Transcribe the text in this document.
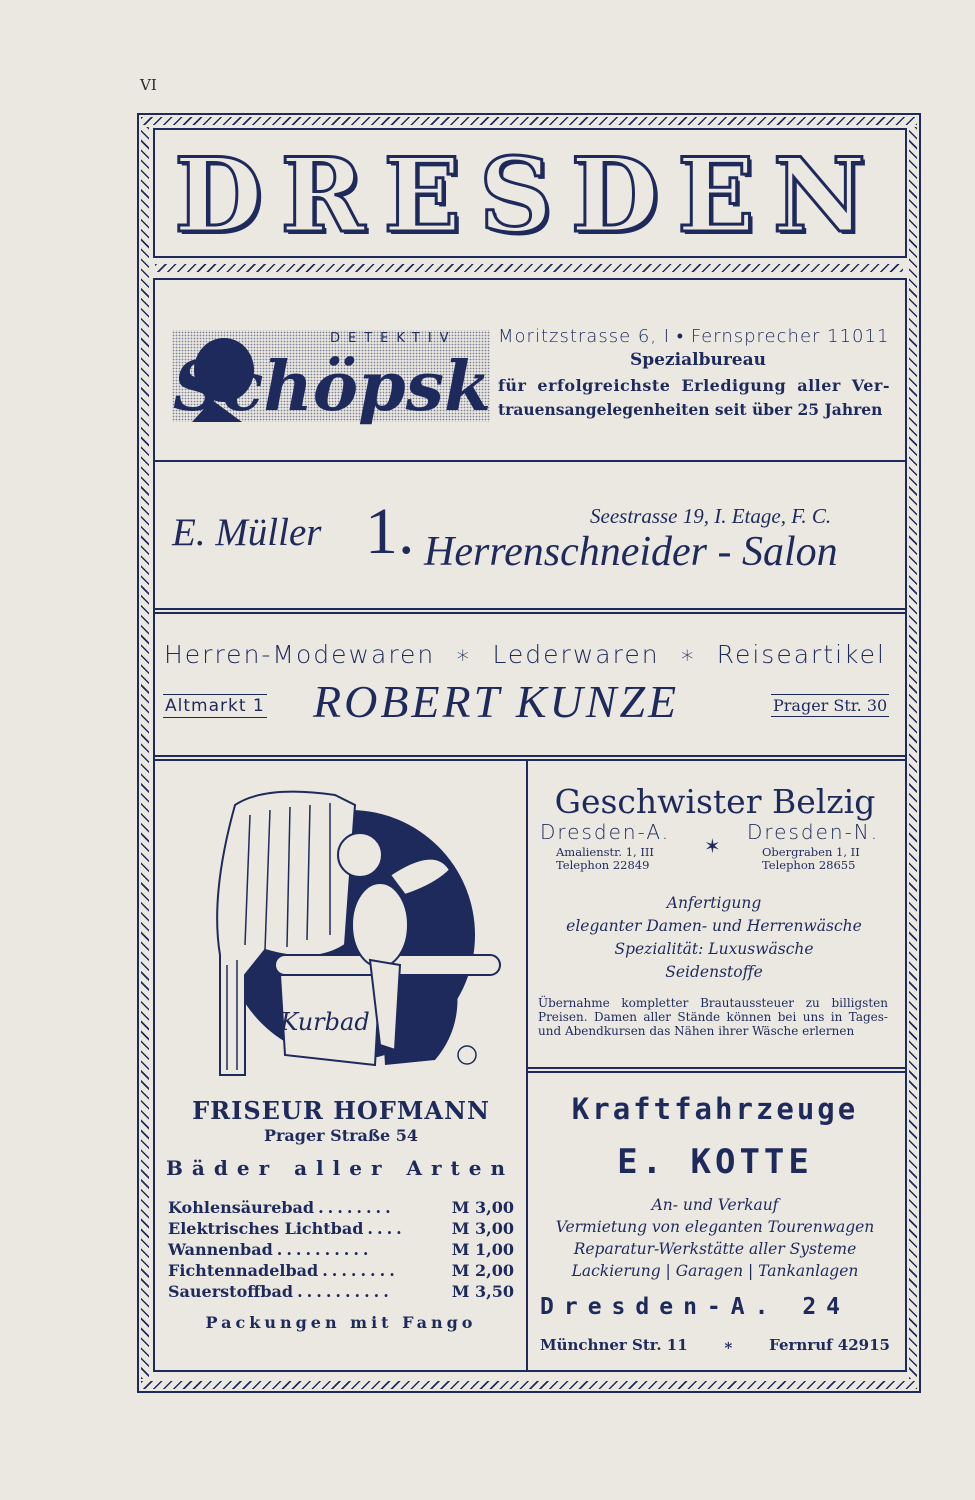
VI
DRESDEN
Schöpsk
DETEKTIV Moritzstrasse 6, I • Fernsprecher 11011
Spezialbureau
für erfolgreichste Erledigung aller Ver-
trauensangelegenheiten seit über 25 Jahren
E. Müller 1.	Seestrasse 19, I. Etage, F. C.
Herrenschneider - Salon
Herren-Modewaren ∗ Lederwaren ∗ Reiseartikel
Altmarkt 1 ROBERT KUNZE	Prager Str. 30
Kurbad
FRISEUR HOFMANN
Prager Straße 54
Bäder aller Arten
Kohlensäurebad ........	M 3,00
Elektrisches Lichtbad ....	M 3,00
Wannenbad ..........	M 1,00
Fichtennadelbad ........	M 2,00
Sauerstoffbad ..........	M 3,50
Packungen mit Fango
Geschwister Belzig
Dresden-A.	Dresden-N.
✶
Amalienstr. 1, III
Telephon 22849
Obergraben 1, II
Telephon 28655
Anfertigung
eleganter Damen- und Herrenwäsche
Spezialität: Luxuswäsche
Seidenstoffe
Übernahme kompletter Brautaussteuer zu billigsten Preisen. Damen aller Stände können bei uns in Tages- und Abendkursen das Nähen ihrer Wäsche erlernen
Kraftfahrzeuge
E. KOTTE
An- und Verkauf
Vermietung von eleganten Tourenwagen
Reparatur-Werkstätte aller Systeme
Lackierung | Garagen | Tankanlagen
Dresden-A. 24
Münchner Str. 11 ∗ Fernruf 42915
